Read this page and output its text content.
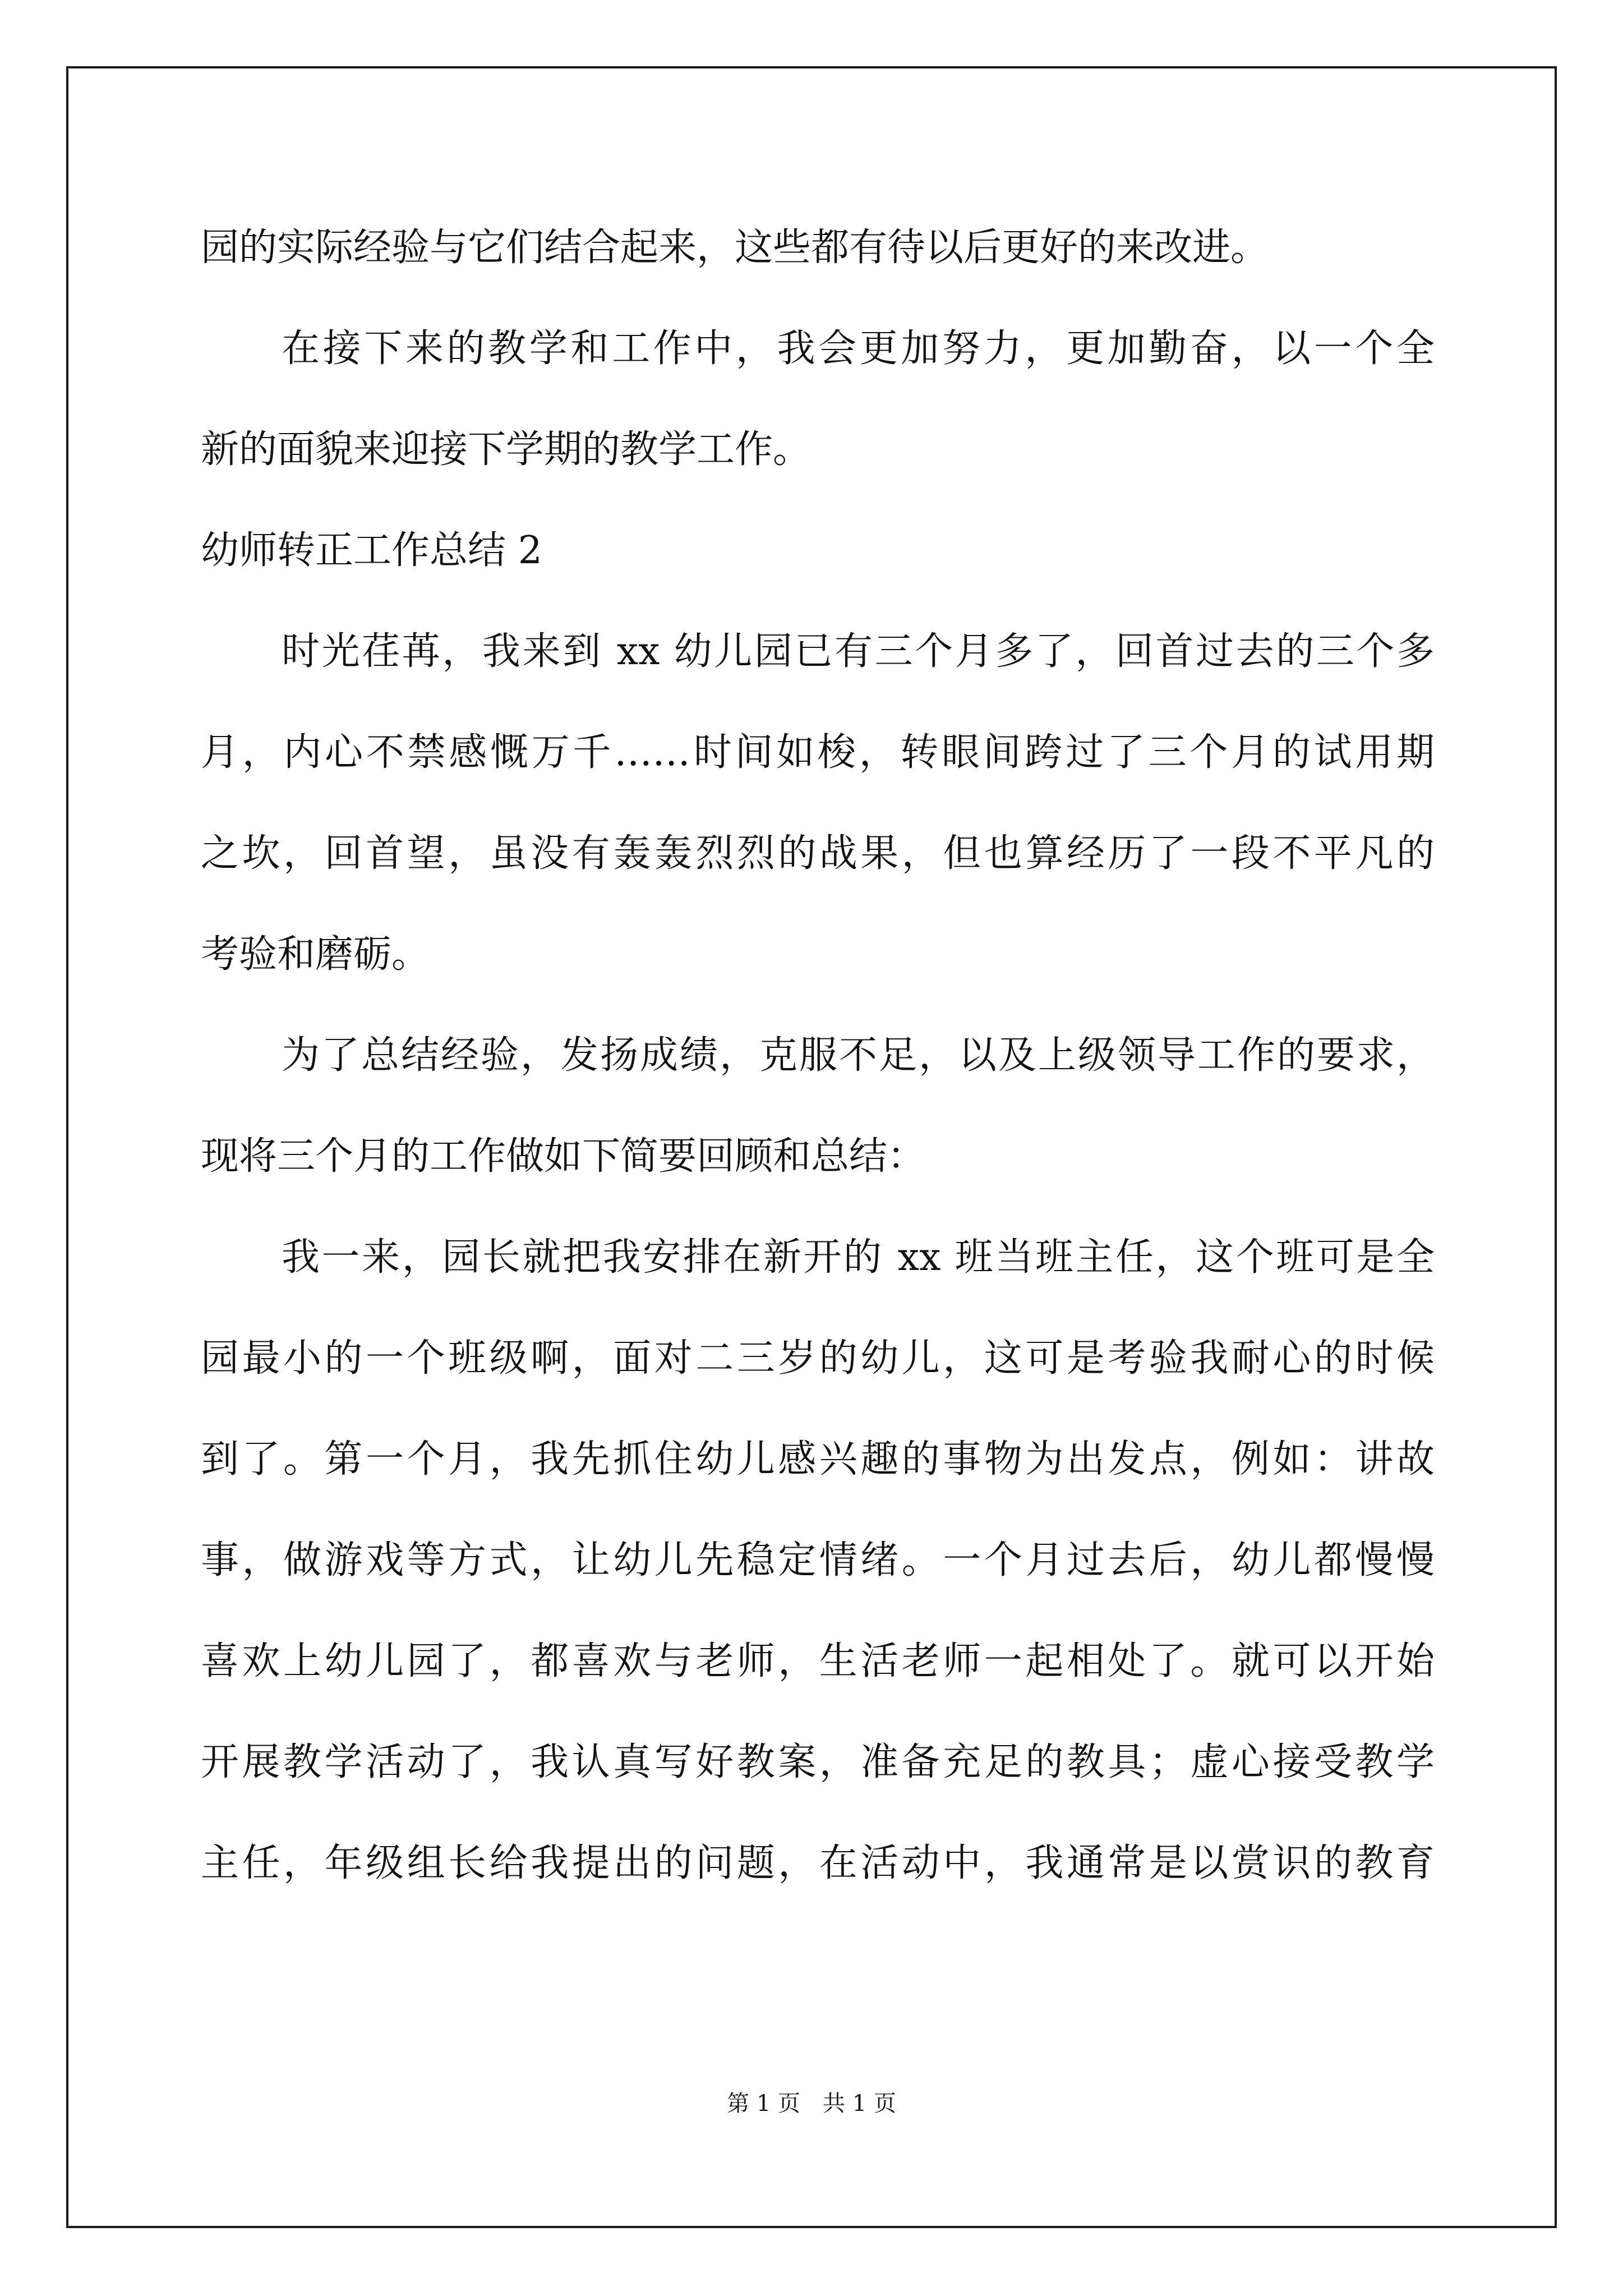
园的实际经验与它们结合起来，这些都有待以后更好的来改进。
在接下来的教学和工作中，我会更加努力，更加勤奋，以一个全
新的面貌来迎接下学期的教学工作。
幼师转正工作总结 2
时光荏苒，我来到 xx 幼儿园已有三个月多了，回首过去的三个多
月，内心不禁感慨万千……时间如梭，转眼间跨过了三个月的试用期
之坎，回首望，虽没有轰轰烈烈的战果，但也算经历了一段不平凡的
考验和磨砺。
为了总结经验，发扬成绩，克服不足，以及上级领导工作的要求，
现将三个月的工作做如下简要回顾和总结：
我一来，园长就把我安排在新开的 xx 班当班主任，这个班可是全
园最小的一个班级啊，面对二三岁的幼儿，这可是考验我耐心的时候
到了。第一个月，我先抓住幼儿感兴趣的事物为出发点，例如：讲故
事，做游戏等方式，让幼儿先稳定情绪。一个月过去后，幼儿都慢慢
喜欢上幼儿园了，都喜欢与老师，生活老师一起相处了。就可以开始
开展教学活动了，我认真写好教案，准备充足的教具；虚心接受教学
主任，年级组长给我提出的问题，在活动中，我通常是以赏识的教育
第 1 页　共 1 页
